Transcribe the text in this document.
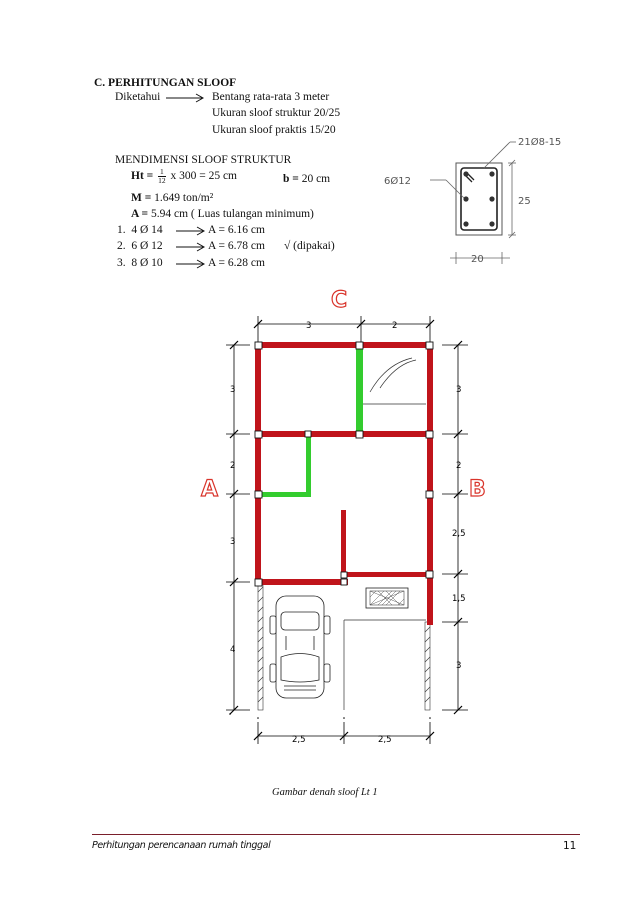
C. PERHITUNGAN SLOOF
Diketahui	Bentang rata-rata 3 meter
Ukuran sloof struktur 20/25
Ukuran sloof praktis 15/20
MENDIMENSI SLOOF STRUKTUR
$Ht = \frac{1}{12}$ x 300 = 25 cm	b = 20 cm
M = 1.649 ton/m²
A = 5.94 cm ( Luas tulangan minimum)
1. 4 Ø 14	A = 6.16 cm
2. 6 Ø 12	A = 6.78 cm √ (dipakai)
3. 8 Ø 10	A = 6.28 cm
21Ø8-15
6Ø12
25
20
C
A	B
3	2
3
2
3
4
3
2
2,5
1,5
3
2,5	2,5
Gambar denah sloof Lt 1
Perhitungan perencanaan rumah tinggal	11
